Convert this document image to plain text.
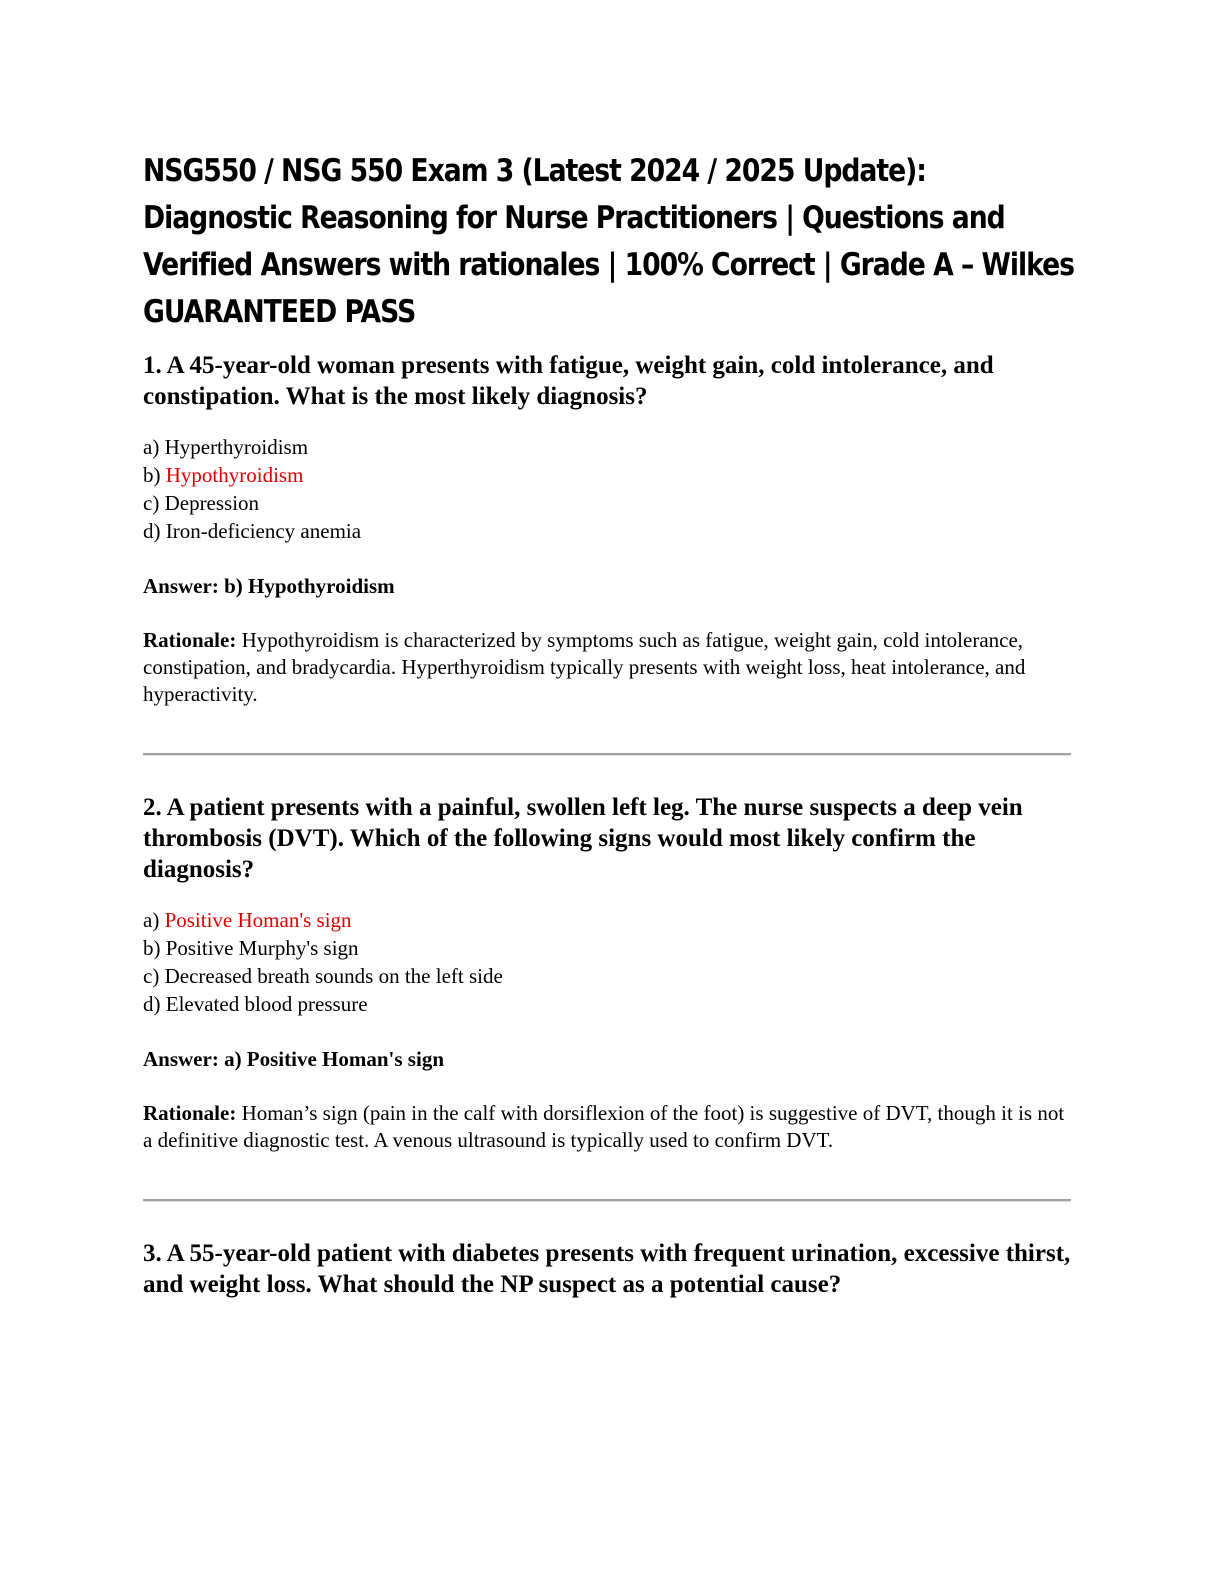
NSG550 / NSG 550 Exam 3 (Latest 2024 / 2025 Update): Diagnostic Reasoning for Nurse Practitioners | Questions and Verified Answers with rationales | 100% Correct | Grade A – Wilkes GUARANTEED PASS

1. A 45-year-old woman presents with fatigue, weight gain, cold intolerance, and constipation. What is the most likely diagnosis?

a) Hyperthyroidism
b) Hypothyroidism
c) Depression
d) Iron-deficiency anemia

Answer: b) Hypothyroidism

Rationale: Hypothyroidism is characterized by symptoms such as fatigue, weight gain, cold intolerance, constipation, and bradycardia. Hyperthyroidism typically presents with weight loss, heat intolerance, and hyperactivity.

2. A patient presents with a painful, swollen left leg. The nurse suspects a deep vein thrombosis (DVT). Which of the following signs would most likely confirm the diagnosis?

a) Positive Homan's sign
b) Positive Murphy's sign
c) Decreased breath sounds on the left side
d) Elevated blood pressure

Answer: a) Positive Homan's sign

Rationale: Homan’s sign (pain in the calf with dorsiflexion of the foot) is suggestive of DVT, though it is not a definitive diagnostic test. A venous ultrasound is typically used to confirm DVT.

3. A 55-year-old patient with diabetes presents with frequent urination, excessive thirst, and weight loss. What should the NP suspect as a potential cause?
